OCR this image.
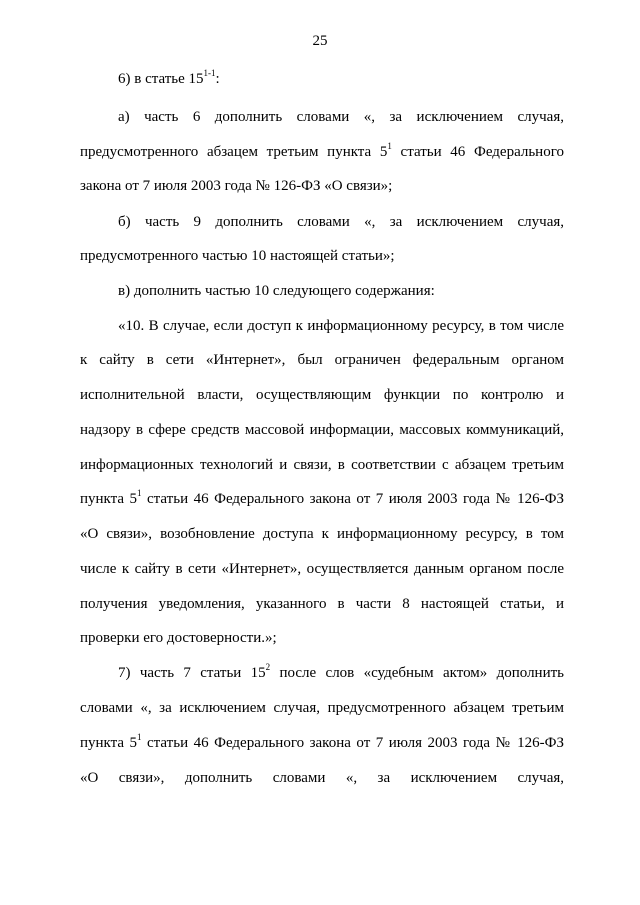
25
6) в статье 15$^{1-1}$:
а) часть 6 дополнить словами «, за исключением случая,
предусмотренного абзацем третьим пункта $5^1$ статьи 46 Федерального
закона от 7 июля 2003 года № 126-ФЗ «О связи»;
б) часть 9 дополнить словами «, за исключением случая,
предусмотренного частью 10 настоящей статьи»;
в) дополнить частью 10 следующего содержания:
«10. В случае, если доступ к информационному ресурсу, в том числе
к сайту в сети «Интернет», был ограничен федеральным органом
исполнительной власти, осуществляющим функции по контролю и
надзору в сфере средств массовой информации, массовых коммуникаций,
информационных технологий и связи, в соответствии с абзацем третьим
пункта $5^1$ статьи 46 Федерального закона от 7 июля 2003 года № 126-ФЗ
«О связи», возобновление доступа к информационному ресурсу, в том
числе к сайту в сети «Интернет», осуществляется данным органом после
получения уведомления, указанного в части 8 настоящей статьи, и
проверки его достоверности.»;
7) часть 7 статьи $15^2$ после слов «судебным актом» дополнить
словами «, за исключением случая, предусмотренного абзацем третьим
пункта $5^1$ статьи 46 Федерального закона от 7 июля 2003 года № 126-ФЗ
«О связи», дополнить словами «, за исключением случая,
